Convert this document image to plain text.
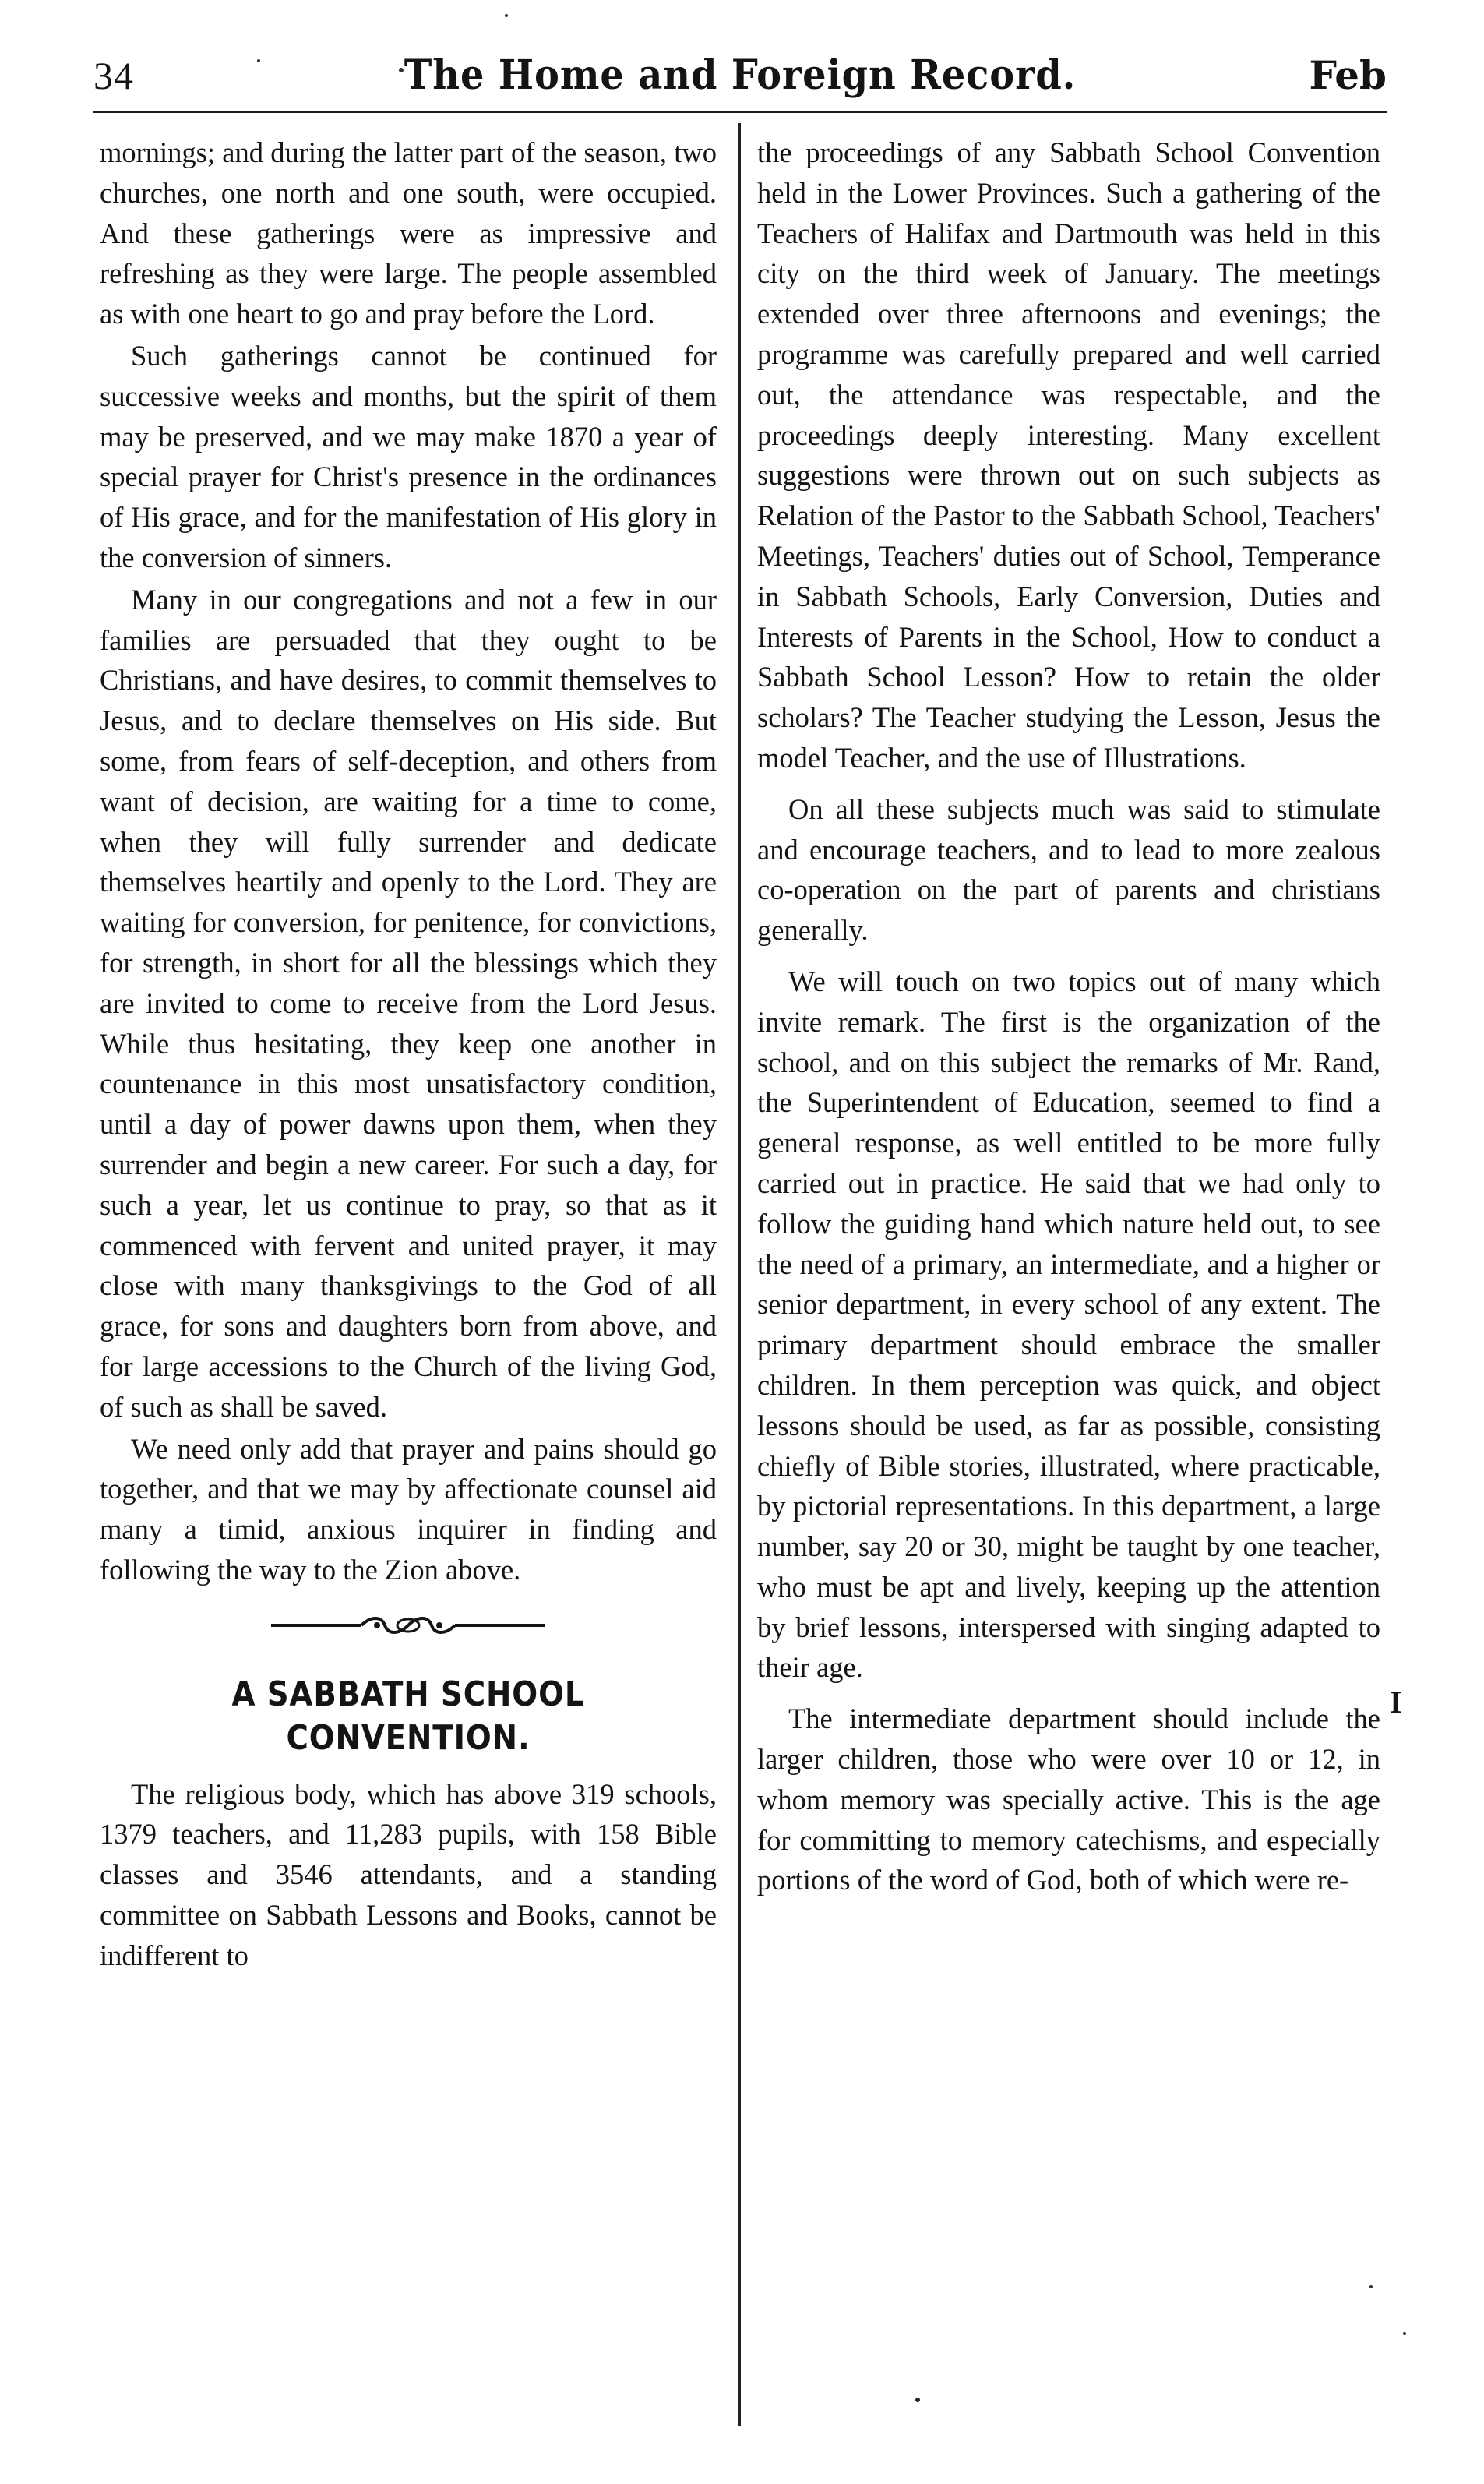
34	The Home and Foreign Record.	Feb

mornings; and during the latter part of the season, two churches, one north and one south, were occupied. And these gatherings were as impressive and refreshing as they were large. The people assembled as with one heart to go and pray before the Lord.

Such gatherings cannot be continued for successive weeks and months, but the spirit of them may be preserved, and we may make 1870 a year of special prayer for Christ's presence in the ordinances of His grace, and for the manifestation of His glory in the conversion of sinners.

Many in our congregations and not a few in our families are persuaded that they ought to be Christians, and have desires, to commit themselves to Jesus, and to declare themselves on His side. But some, from fears of self-deception, and others from want of decision, are waiting for a time to come, when they will fully surrender and dedicate themselves heartily and openly to the Lord. They are waiting for conversion, for penitence, for convictions, for strength, in short for all the blessings which they are invited to come to receive from the Lord Jesus. While thus hesitating, they keep one another in countenance in this most unsatisfactory condition, until a day of power dawns upon them, when they surrender and begin a new career. For such a day, for such a year, let us continue to pray, so that as it commenced with fervent and united prayer, it may close with many thanksgivings to the God of all grace, for sons and daughters born from above, and for large accessions to the Church of the living God, of such as shall be saved.

We need only add that prayer and pains should go together, and that we may by affectionate counsel aid many a timid, anxious inquirer in finding and following the way to the Zion above.

A SABBATH SCHOOL CONVENTION.

The religious body, which has above 319 schools, 1379 teachers, and 11,283 pupils, with 158 Bible classes and 3546 attendants, and a standing committee on Sabbath Lessons and Books, cannot be indifferent to

the proceedings of any Sabbath School Convention held in the Lower Provinces. Such a gathering of the Teachers of Halifax and Dartmouth was held in this city on the third week of January. The meetings extended over three afternoons and evenings; the programme was carefully prepared and well carried out, the attendance was respectable, and the proceedings deeply interesting. Many excellent suggestions were thrown out on such subjects as Relation of the Pastor to the Sabbath School, Teachers' Meetings, Teachers' duties out of School, Temperance in Sabbath Schools, Early Conversion, Duties and Interests of Parents in the School, How to conduct a Sabbath School Lesson? How to retain the older scholars? The Teacher studying the Lesson, Jesus the model Teacher, and the use of Illustrations.

On all these subjects much was said to stimulate and encourage teachers, and to lead to more zealous co-operation on the part of parents and christians generally.

We will touch on two topics out of many which invite remark. The first is the organization of the school, and on this subject the remarks of Mr. Rand, the Superintendent of Education, seemed to find a general response, as well entitled to be more fully carried out in practice. He said that we had only to follow the guiding hand which nature held out, to see the need of a primary, an intermediate, and a higher or senior department, in every school of any extent. The primary department should embrace the smaller children. In them perception was quick, and object lessons should be used, as far as possible, consisting chiefly of Bible stories, illustrated, where practicable, by pictorial representations. In this department, a large number, say 20 or 30, might be taught by one teacher, who must be apt and lively, keeping up the attention by brief lessons, interspersed with singing adapted to their age.

The intermediate department should include the larger children, those who were over 10 or 12, in whom memory was specially active. This is the age for committing to memory catechisms, and especially portions of the word of God, both of which were re-

I
